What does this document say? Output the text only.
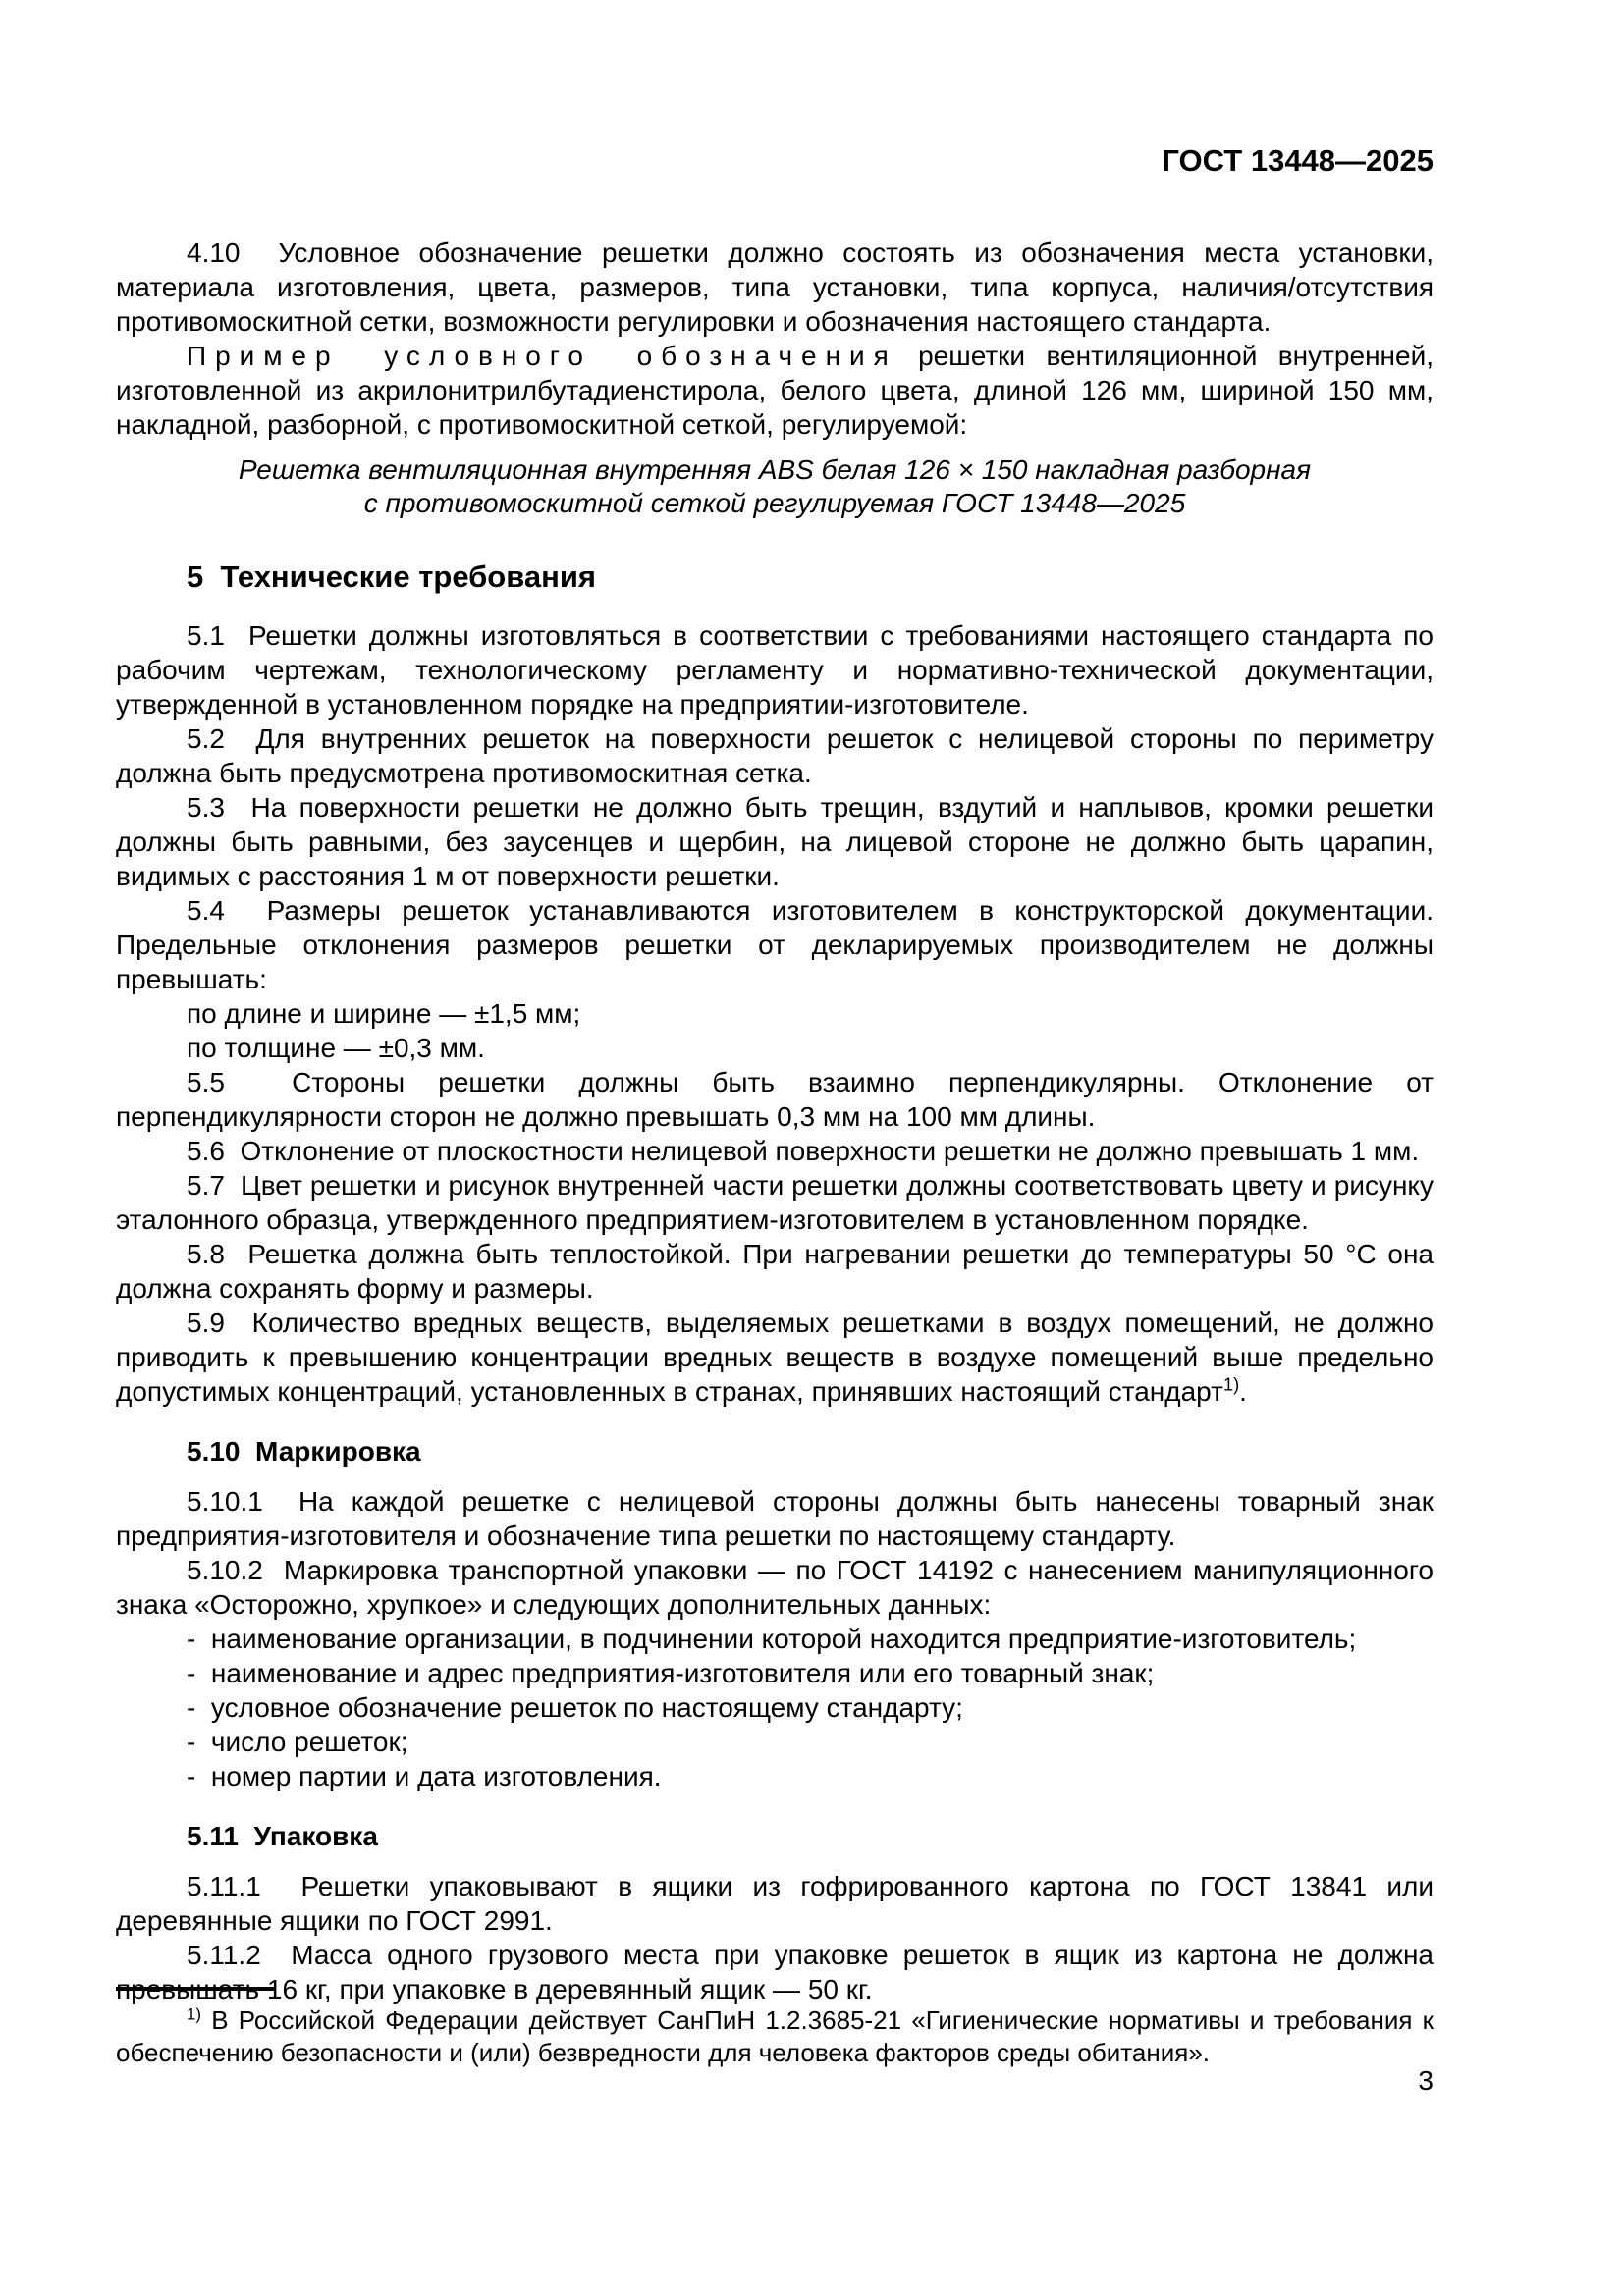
ГОСТ 13448—2025

4.10  Условное обозначение решетки должно состоять из обозначения места установки, материала изготовления, цвета, размеров, типа установки, типа корпуса, наличия/отсутствия противомоскитной сетки, возможности регулировки и обозначения настоящего стандарта.

Пример условного обозначения решетки вентиляционной внутренней, изготовленной из акрилонитрилбутадиенстирола, белого цвета, длиной 126 мм, шириной 150 мм, накладной, разборной, с противомоскитной сеткой, регулируемой:

Решетка вентиляционная внутренняя ABS белая 126 × 150 накладная разборная
с противомоскитной сеткой регулируемая ГОСТ 13448—2025
5  Технические требования

5.1  Решетки должны изготовляться в соответствии с требованиями настоящего стандарта по рабочим чертежам, технологическому регламенту и нормативно-технической документации, утвержденной в установленном порядке на предприятии-изготовителе.

5.2  Для внутренних решеток на поверхности решеток с нелицевой стороны по периметру должна быть предусмотрена противомоскитная сетка.

5.3  На поверхности решетки не должно быть трещин, вздутий и наплывов, кромки решетки должны быть равными, без заусенцев и щербин, на лицевой стороне не должно быть царапин, видимых с расстояния 1 м от поверхности решетки.

5.4  Размеры решеток устанавливаются изготовителем в конструкторской документации. Предельные отклонения размеров решетки от декларируемых производителем не должны превышать:

по длине и ширине — ±1,5 мм;

по толщине — ±0,3 мм.

5.5  Стороны решетки должны быть взаимно перпендикулярны. Отклонение от перпендикулярности сторон не должно превышать 0,3 мм на 100 мм длины.

5.6  Отклонение от плоскостности нелицевой поверхности решетки не должно превышать 1 мм.

5.7  Цвет решетки и рисунок внутренней части решетки должны соответствовать цвету и рисунку эталонного образца, утвержденного предприятием-изготовителем в установленном порядке.

5.8  Решетка должна быть теплостойкой. При нагревании решетки до температуры 50 °С она должна сохранять форму и размеры.

5.9  Количество вредных веществ, выделяемых решетками в воздух помещений, не должно приводить к превышению концентрации вредных веществ в воздухе помещений выше предельно допустимых концентраций, установленных в странах, принявших настоящий стандарт$^{1)}$.

5.10  Маркировка

5.10.1  На каждой решетке с нелицевой стороны должны быть нанесены товарный знак предприятия-изготовителя и обозначение типа решетки по настоящему стандарту.

5.10.2  Маркировка транспортной упаковки — по ГОСТ 14192 с нанесением манипуляционного знака «Осторожно, хрупкое» и следующих дополнительных данных:

-  наименование организации, в подчинении которой находится предприятие-изготовитель;

-  наименование и адрес предприятия-изготовителя или его товарный знак;

-  условное обозначение решеток по настоящему стандарту;

-  число решеток;

-  номер партии и дата изготовления.

5.11  Упаковка

5.11.1  Решетки упаковывают в ящики из гофрированного картона по ГОСТ 13841 или деревянные ящики по ГОСТ 2991.

5.11.2  Масса одного грузового места при упаковке решеток в ящик из картона не должна превышать 16 кг, при упаковке в деревянный ящик — 50 кг.

$^{1)}$ В Российской Федерации действует СанПиН 1.2.3685-21 «Гигиенические нормативы и требования к обеспечению безопасности и (или) безвредности для человека факторов среды обитания».

3
